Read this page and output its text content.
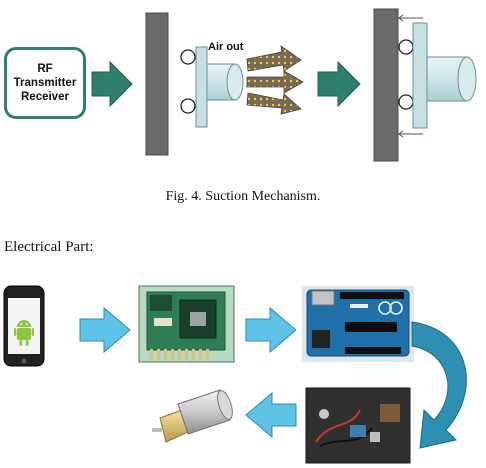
RF
Transmitter
Receiver
Air out
Fig. 4. Suction Mechanism.
Electrical Part:
